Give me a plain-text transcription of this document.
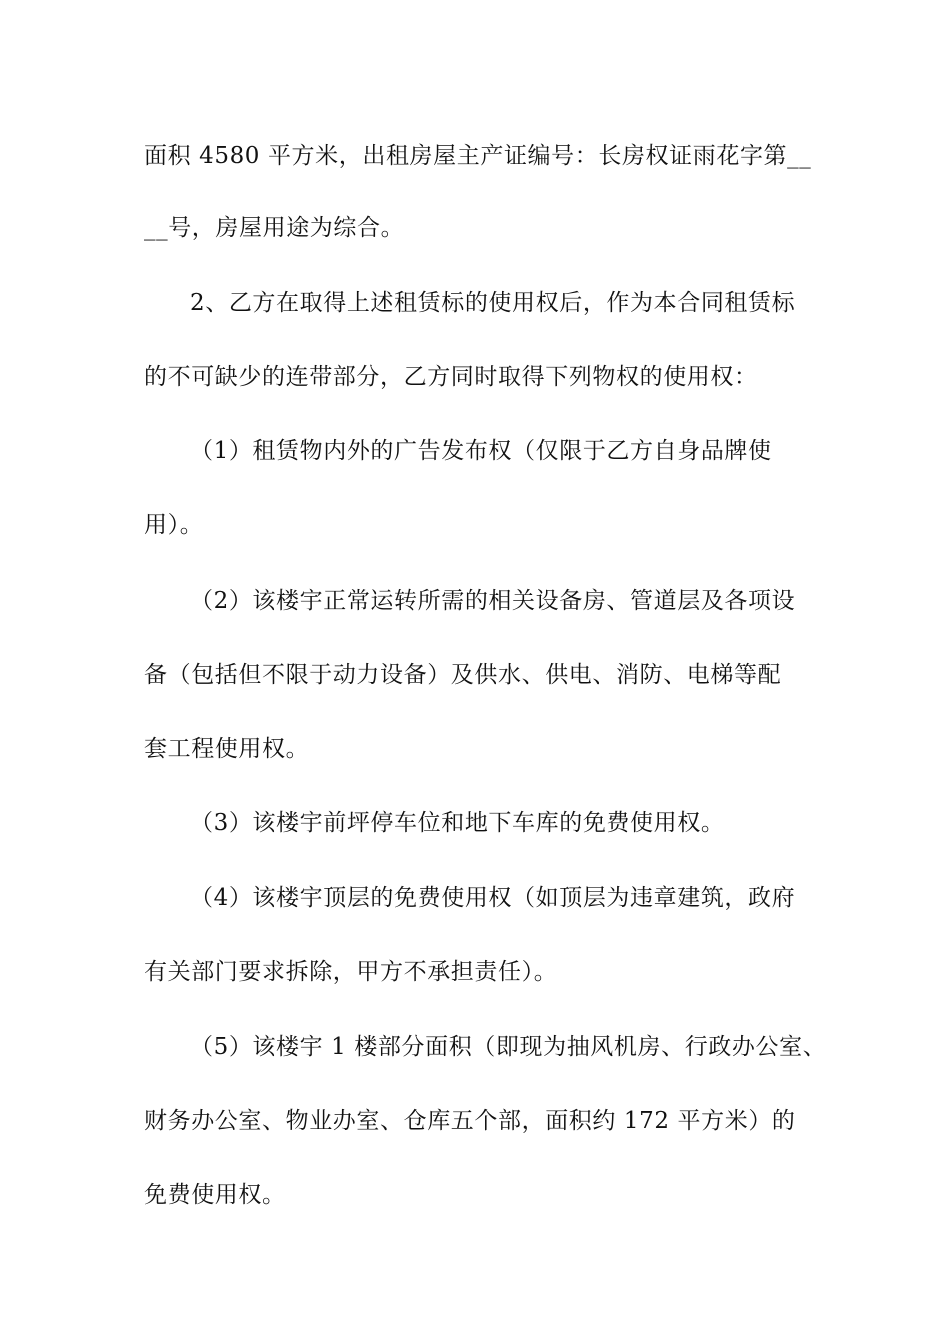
面积 4580 平方米，出租房屋主产证编号：长房权证雨花字第__
__号，房屋用途为综合。
2、乙方在取得上述租赁标的使用权后，作为本合同租赁标
的不可缺少的连带部分，乙方同时取得下列物权的使用权：
（1）租赁物内外的广告发布权（仅限于乙方自身品牌使
用）。
（2）该楼宇正常运转所需的相关设备房、管道层及各项设
备（包括但不限于动力设备）及供水、供电、消防、电梯等配
套工程使用权。
（3）该楼宇前坪停车位和地下车库的免费使用权。
（4）该楼宇顶层的免费使用权（如顶层为违章建筑，政府
有关部门要求拆除，甲方不承担责任）。
（5）该楼宇 1 楼部分面积（即现为抽风机房、行政办公室、
财务办公室、物业办室、仓库五个部，面积约 172 平方米）的
免费使用权。
